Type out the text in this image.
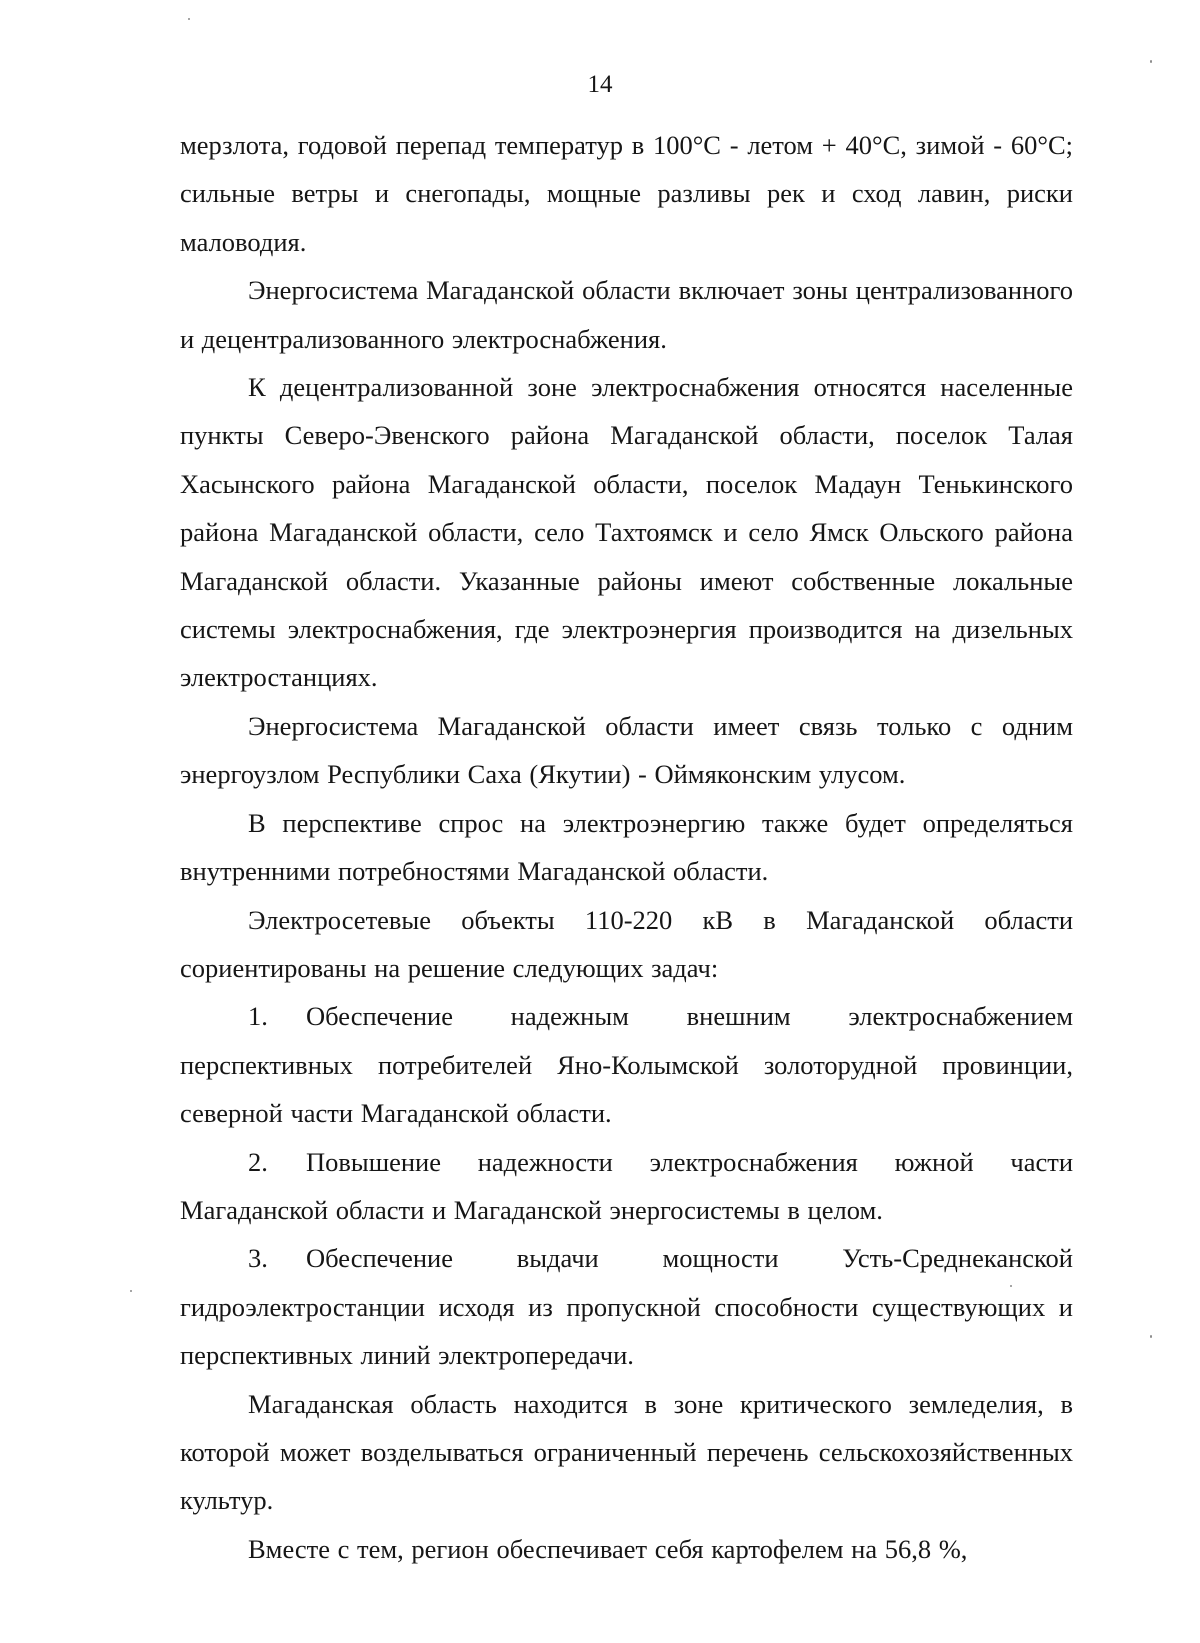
14

мерзлота, годовой перепад температур в 100°С - летом + 40°С, зимой - 60°С; сильные ветры и снегопады, мощные разливы рек и сход лавин, риски маловодия.

Энергосистема Магаданской области включает зоны централизованного и децентрализованного электроснабжения.

К децентрализованной зоне электроснабжения относятся населенные пункты Северо-Эвенского района Магаданской области, поселок Талая Хасынского района Магаданской области, поселок Мадаун Тенькинского района Магаданской области, село Тахтоямск и село Ямск Ольского района Магаданской области. Указанные районы имеют собственные локальные системы электроснабжения, где электроэнергия производится на дизельных электростанциях.

Энергосистема Магаданской области имеет связь только с одним энергоузлом Республики Саха (Якутии) - Оймяконским улусом.

В перспективе спрос на электроэнергию также будет определяться внутренними потребностями Магаданской области.

Электросетевые объекты 110-220 кВ в Магаданской области сориентированы на решение следующих задач:

1. Обеспечение надежным внешним электроснабжением перспективных потребителей Яно-Колымской золоторудной провинции, северной части Магаданской области.

2. Повышение надежности электроснабжения южной части Магаданской области и Магаданской энергосистемы в целом.

3. Обеспечение выдачи мощности Усть-Среднеканской гидроэлектростанции исходя из пропускной способности существующих и перспективных линий электропередачи.

Магаданская область находится в зоне критического земледелия, в которой может возделываться ограниченный перечень сельскохозяйственных культур.

Вместе с тем, регион обеспечивает себя картофелем на 56,8 %,
